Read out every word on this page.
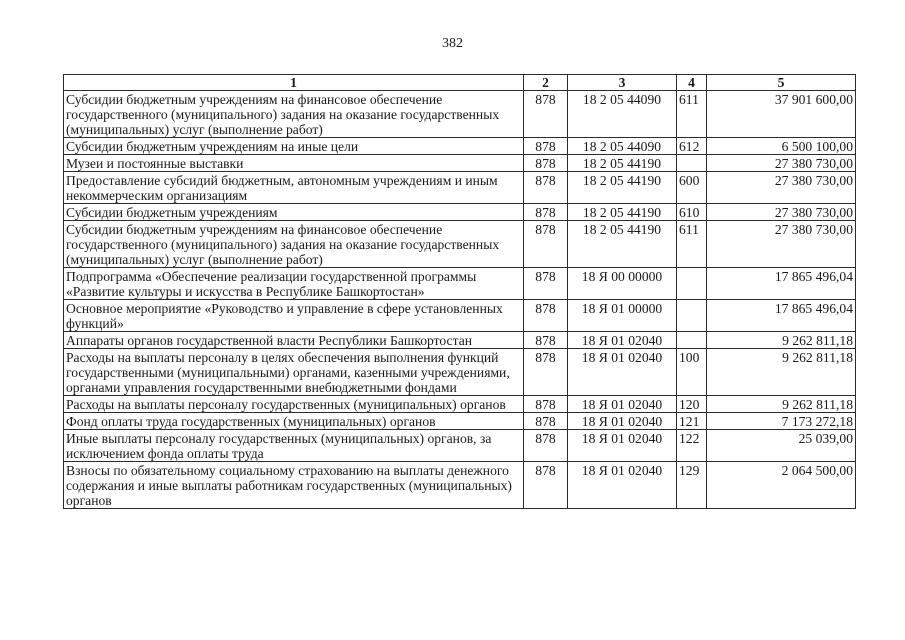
382
1	2	3	4	5
Субсидии бюджетным учреждениям на финансовое обеспечение государственного (муниципального) задания на оказание государственных (муниципальных) услуг (выполнение работ)	878	18 2 05 44090	611	37 901 600,00
Субсидии бюджетным учреждениям на иные цели	878	18 2 05 44090	612	6 500 100,00
Музеи и постоянные выставки	878	18 2 05 44190		27 380 730,00
Предоставление субсидий бюджетным, автономным учреждениям и иным некоммерческим организациям	878	18 2 05 44190	600	27 380 730,00
Субсидии бюджетным учреждениям	878	18 2 05 44190	610	27 380 730,00
Субсидии бюджетным учреждениям на финансовое обеспечение государственного (муниципального) задания на оказание государственных (муниципальных) услуг (выполнение работ)	878	18 2 05 44190	611	27 380 730,00
Подпрограмма «Обеспечение реализации государственной программы «Развитие культуры и искусства в Республике Башкортостан»	878	18 Я 00 00000		17 865 496,04
Основное мероприятие «Руководство и управление в сфере установленных функций»	878	18 Я 01 00000		17 865 496,04
Аппараты органов государственной власти Республики Башкортостан	878	18 Я 01 02040		9 262 811,18
Расходы на выплаты персоналу в целях обеспечения выполнения функций государственными (муниципальными) органами, казенными учреждениями, органами управления государственными внебюджетными фондами	878	18 Я 01 02040	100	9 262 811,18
Расходы на выплаты персоналу государственных (муниципальных) органов	878	18 Я 01 02040	120	9 262 811,18
Фонд оплаты труда государственных (муниципальных) органов	878	18 Я 01 02040	121	7 173 272,18
Иные выплаты персоналу государственных (муниципальных) органов, за исключением фонда оплаты труда	878	18 Я 01 02040	122	25 039,00
Взносы по обязательному социальному страхованию на выплаты денежного содержания и иные выплаты работникам государственных (муниципальных) органов	878	18 Я 01 02040	129	2 064 500,00
